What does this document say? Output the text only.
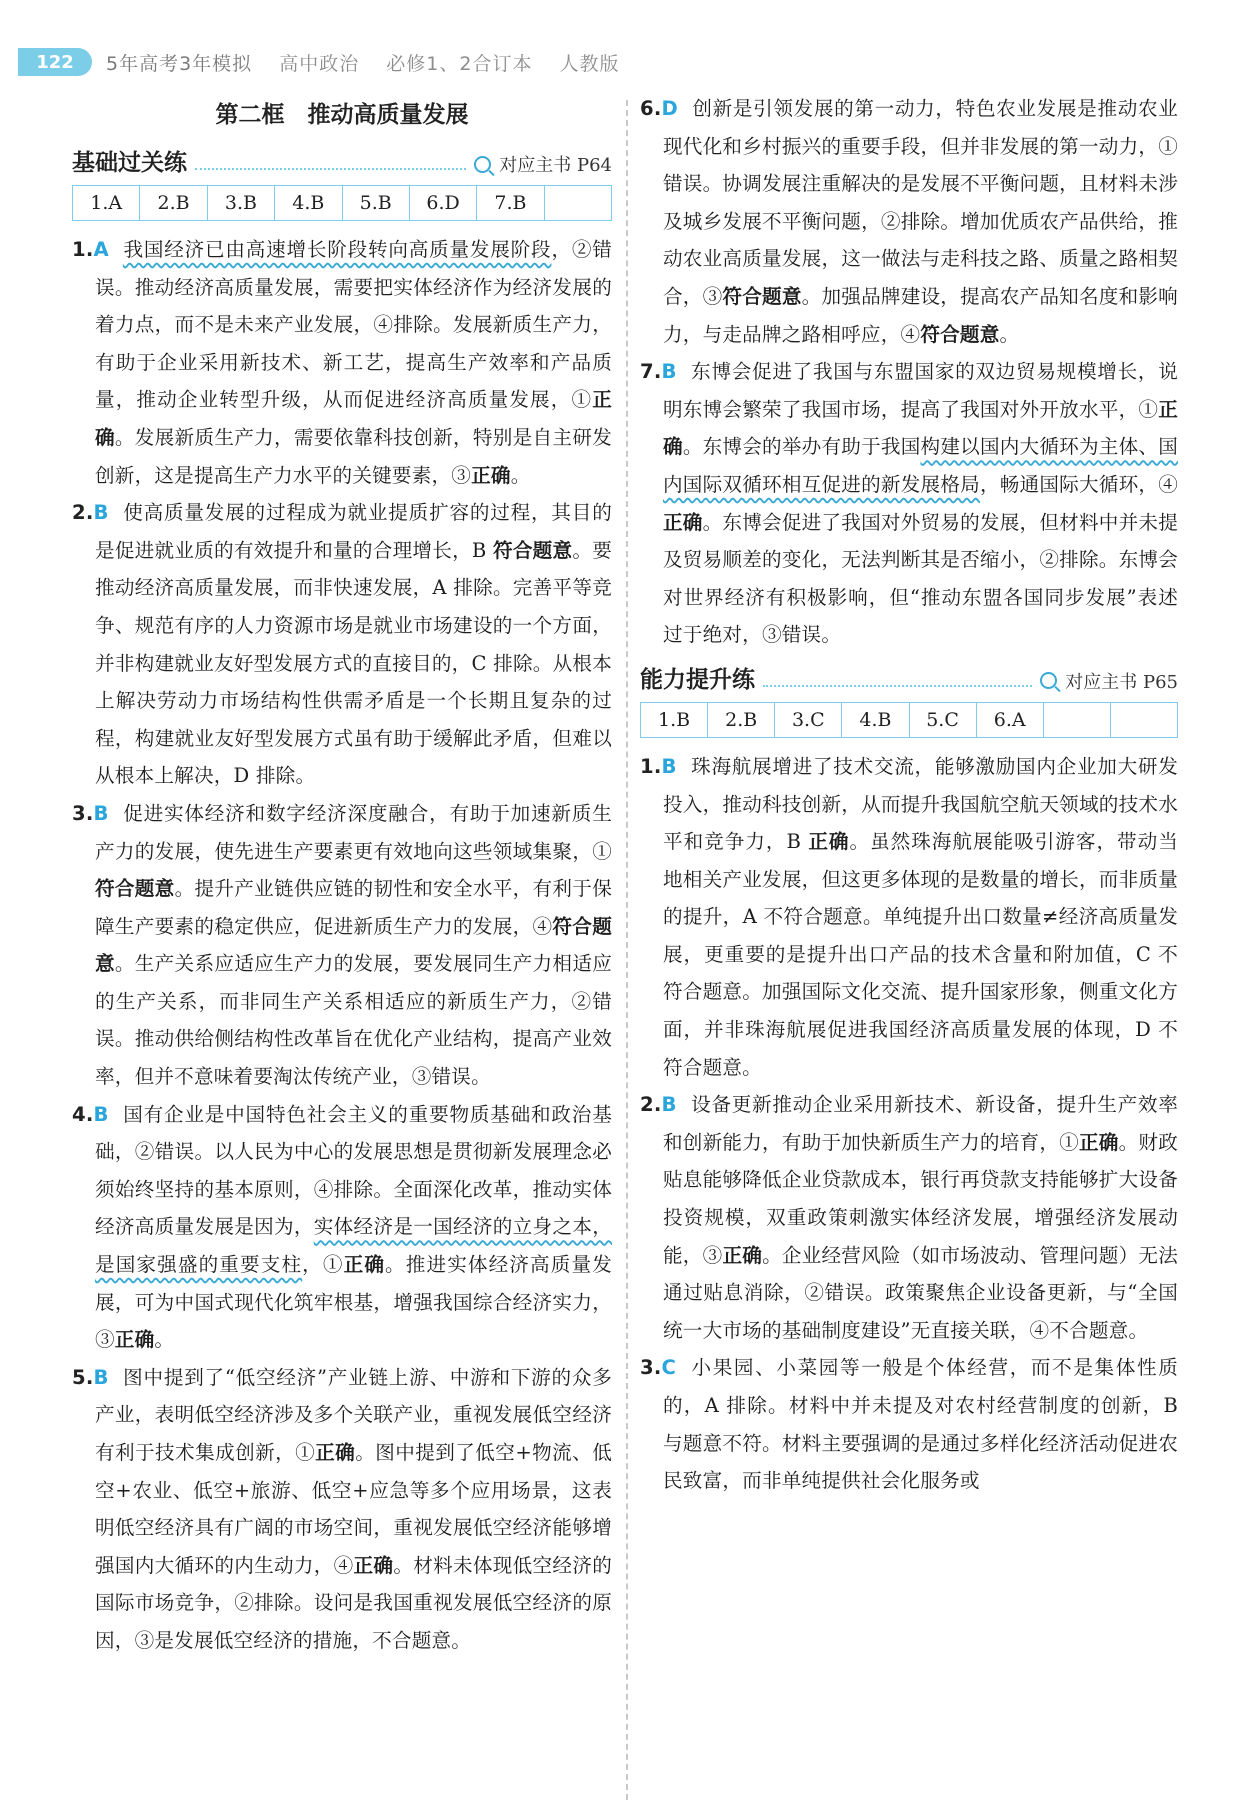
122	5年高考3年模拟 高中政治 必修1、2合订本 人教版
第二框　推动高质量发展
基础过关练	对应主书 P64
1.A	2.B	3.B	4.B	5.B	6.D	7.B

1.A 我国经济已由高速增长阶段转向高质量发展阶段，②错误。推动经济高质量发展，需要把实体经济作为经济发展的着力点，而不是未来产业发展，④排除。发展新质生产力，有助于企业采用新技术、新工艺，提高生产效率和产品质量，推动企业转型升级，从而促进经济高质量发展，①正确。发展新质生产力，需要依靠科技创新，特别是自主研发创新，这是提高生产力水平的关键要素，③正确。

2.B 使高质量发展的过程成为就业提质扩容的过程，其目的是促进就业质的有效提升和量的合理增长，B 符合题意。要推动经济高质量发展，而非快速发展，A 排除。完善平等竞争、规范有序的人力资源市场是就业市场建设的一个方面，并非构建就业友好型发展方式的直接目的，C 排除。从根本上解决劳动力市场结构性供需矛盾是一个长期且复杂的过程，构建就业友好型发展方式虽有助于缓解此矛盾，但难以从根本上解决，D 排除。

3.B 促进实体经济和数字经济深度融合，有助于加速新质生产力的发展，使先进生产要素更有效地向这些领域集聚，①符合题意。提升产业链供应链的韧性和安全水平，有利于保障生产要素的稳定供应，促进新质生产力的发展，④符合题意。生产关系应适应生产力的发展，要发展同生产力相适应的生产关系，而非同生产关系相适应的新质生产力，②错误。推动供给侧结构性改革旨在优化产业结构，提高产业效率，但并不意味着要淘汰传统产业，③错误。

4.B 国有企业是中国特色社会主义的重要物质基础和政治基础，②错误。以人民为中心的发展思想是贯彻新发展理念必须始终坚持的基本原则，④排除。全面深化改革，推动实体经济高质量发展是因为，实体经济是一国经济的立身之本，是国家强盛的重要支柱，①正确。推进实体经济高质量发展，可为中国式现代化筑牢根基，增强我国综合经济实力，③正确。

5.B 图中提到了“低空经济”产业链上游、中游和下游的众多产业，表明低空经济涉及多个关联产业，重视发展低空经济有利于技术集成创新，①正确。图中提到了低空+物流、低空+农业、低空+旅游、低空+应急等多个应用场景，这表明低空经济具有广阔的市场空间，重视发展低空经济能够增强国内大循环的内生动力，④正确。材料未体现低空经济的国际市场竞争，②排除。设问是我国重视发展低空经济的原因，③是发展低空经济的措施，不合题意。

6.D 创新是引领发展的第一动力，特色农业发展是推动农业现代化和乡村振兴的重要手段，但并非发展的第一动力，①错误。协调发展注重解决的是发展不平衡问题，且材料未涉及城乡发展不平衡问题，②排除。增加优质农产品供给，推动农业高质量发展，这一做法与走科技之路、质量之路相契合，③符合题意。加强品牌建设，提高农产品知名度和影响力，与走品牌之路相呼应，④符合题意。

7.B 东博会促进了我国与东盟国家的双边贸易规模增长，说明东博会繁荣了我国市场，提高了我国对外开放水平，①正确。东博会的举办有助于我国构建以国内大循环为主体、国内国际双循环相互促进的新发展格局，畅通国际大循环，④正确。东博会促进了我国对外贸易的发展，但材料中并未提及贸易顺差的变化，无法判断其是否缩小，②排除。东博会对世界经济有积极影响，但“推动东盟各国同步发展”表述过于绝对，③错误。

能力提升练	对应主书 P65
1.B	2.B	3.C	4.B	5.C	6.A

1.B 珠海航展增进了技术交流，能够激励国内企业加大研发投入，推动科技创新，从而提升我国航空航天领域的技术水平和竞争力，B 正确。虽然珠海航展能吸引游客，带动当地相关产业发展，但这更多体现的是数量的增长，而非质量的提升，A 不符合题意。单纯提升出口数量≠经济高质量发展，更重要的是提升出口产品的技术含量和附加值，C 不符合题意。加强国际文化交流、提升国家形象，侧重文化方面，并非珠海航展促进我国经济高质量发展的体现，D 不符合题意。

2.B 设备更新推动企业采用新技术、新设备，提升生产效率和创新能力，有助于加快新质生产力的培育，①正确。财政贴息能够降低企业贷款成本，银行再贷款支持能够扩大设备投资规模，双重政策刺激实体经济发展，增强经济发展动能，③正确。企业经营风险（如市场波动、管理问题）无法通过贴息消除，②错误。政策聚焦企业设备更新，与“全国统一大市场的基础制度建设”无直接关联，④不合题意。

3.C 小果园、小菜园等一般是个体经营，而不是集体性质的，A 排除。材料中并未提及对农村经营制度的创新，B 与题意不符。材料主要强调的是通过多样化经济活动促进农民致富，而非单纯提供社会化服务或
